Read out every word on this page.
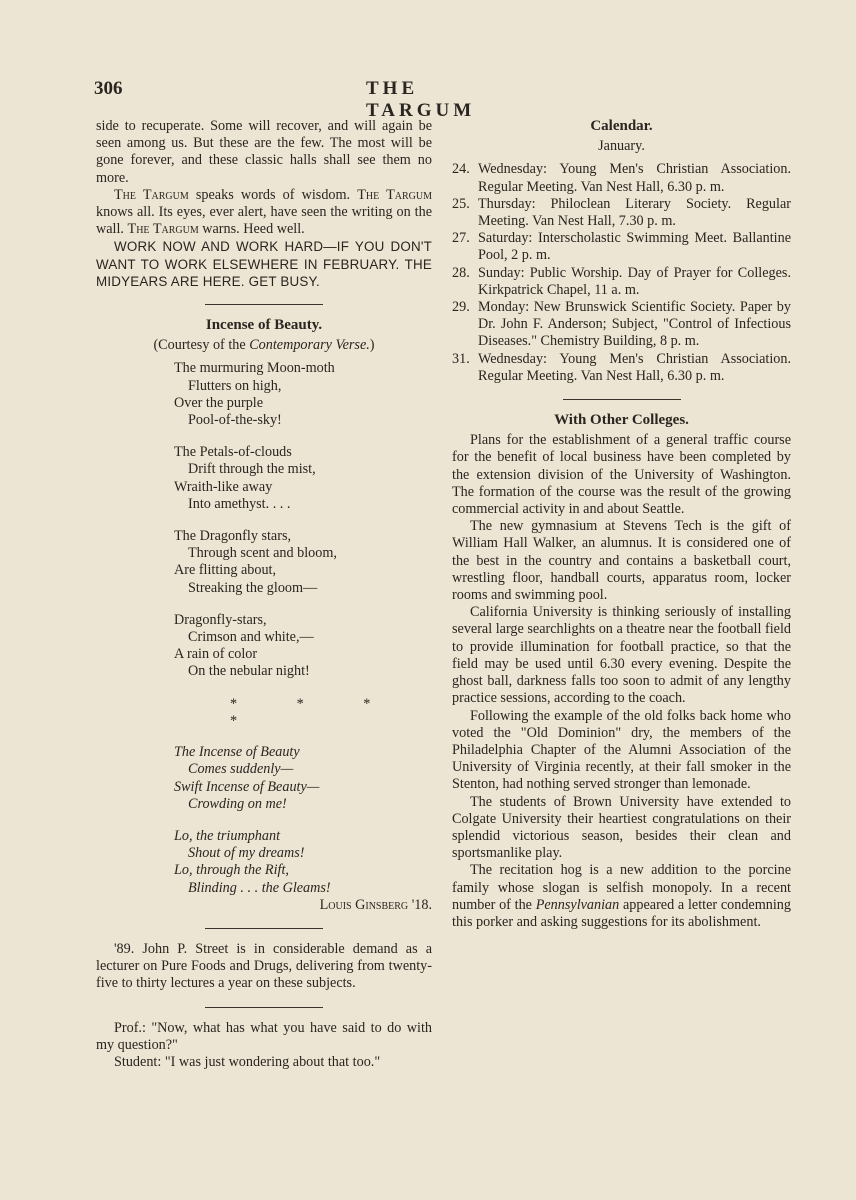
306	THE TARGUM

side to recuperate. Some will recover, and will again be seen among us. But these are the few. The most will be gone forever, and these classic halls shall see them no more.

The Targum speaks words of wisdom. The Targum knows all. Its eyes, ever alert, have seen the writing on the wall. The Targum warns. Heed well.

WORK NOW AND WORK HARD—IF YOU DON'T WANT TO WORK ELSEWHERE IN FEBRUARY. THE MIDYEARS ARE HERE. GET BUSY.

Incense of Beauty.

(Courtesy of the Contemporary Verse.)

The murmuring Moon-moth

Flutters on high,

Over the purple

Pool-of-the-sky!

The Petals-of-clouds

Drift through the mist,

Wraith-like away

Into amethyst. . . .

The Dragonfly stars,

Through scent and bloom,

Are flitting about,

Streaking the gloom—

Dragonfly-stars,

Crimson and white,—

A rain of color

On the nebular night!

* * * *

The Incense of Beauty

Comes suddenly—

Swift Incense of Beauty—

Crowding on me!

Lo, the triumphant

Shout of my dreams!

Lo, through the Rift,

Blinding . . . the Gleams!

Louis Ginsberg '18.

'89. John P. Street is in considerable demand as a lecturer on Pure Foods and Drugs, delivering from twenty-five to thirty lectures a year on these subjects.

Prof.: "Now, what has what you have said to do with my question?"

Student: "I was just wondering about that too."

Calendar.

January.

24. Wednesday: Young Men's Christian Association. Regular Meeting. Van Nest Hall, 6.30 p. m.
25. Thursday: Philoclean Literary Society. Regular Meeting. Van Nest Hall, 7.30 p. m.
27. Saturday: Interscholastic Swimming Meet. Ballantine Pool, 2 p. m.
28. Sunday: Public Worship. Day of Prayer for Colleges. Kirkpatrick Chapel, 11 a. m.
29. Monday: New Brunswick Scientific Society. Paper by Dr. John F. Anderson; Subject, "Control of Infectious Diseases." Chemistry Building, 8 p. m.
31. Wednesday: Young Men's Christian Association. Regular Meeting. Van Nest Hall, 6.30 p. m.

With Other Colleges.

Plans for the establishment of a general traffic course for the benefit of local business have been completed by the extension division of the University of Washington. The formation of the course was the result of the growing commercial activity in and about Seattle.

The new gymnasium at Stevens Tech is the gift of William Hall Walker, an alumnus. It is considered one of the best in the country and contains a basketball court, wrestling floor, handball courts, apparatus room, locker rooms and swimming pool.

California University is thinking seriously of installing several large searchlights on a theatre near the football field to provide illumination for football practice, so that the field may be used until 6.30 every evening. Despite the ghost ball, darkness falls too soon to admit of any lengthy practice sessions, according to the coach.

Following the example of the old folks back home who voted the "Old Dominion" dry, the members of the Philadelphia Chapter of the Alumni Association of the University of Virginia recently, at their fall smoker in the Stenton, had nothing served stronger than lemonade.

The students of Brown University have extended to Colgate University their heartiest congratulations on their splendid victorious season, besides their clean and sportsmanlike play.

The recitation hog is a new addition to the porcine family whose slogan is selfish monopoly. In a recent number of the Pennsylvanian appeared a letter condemning this porker and asking suggestions for its abolishment.
